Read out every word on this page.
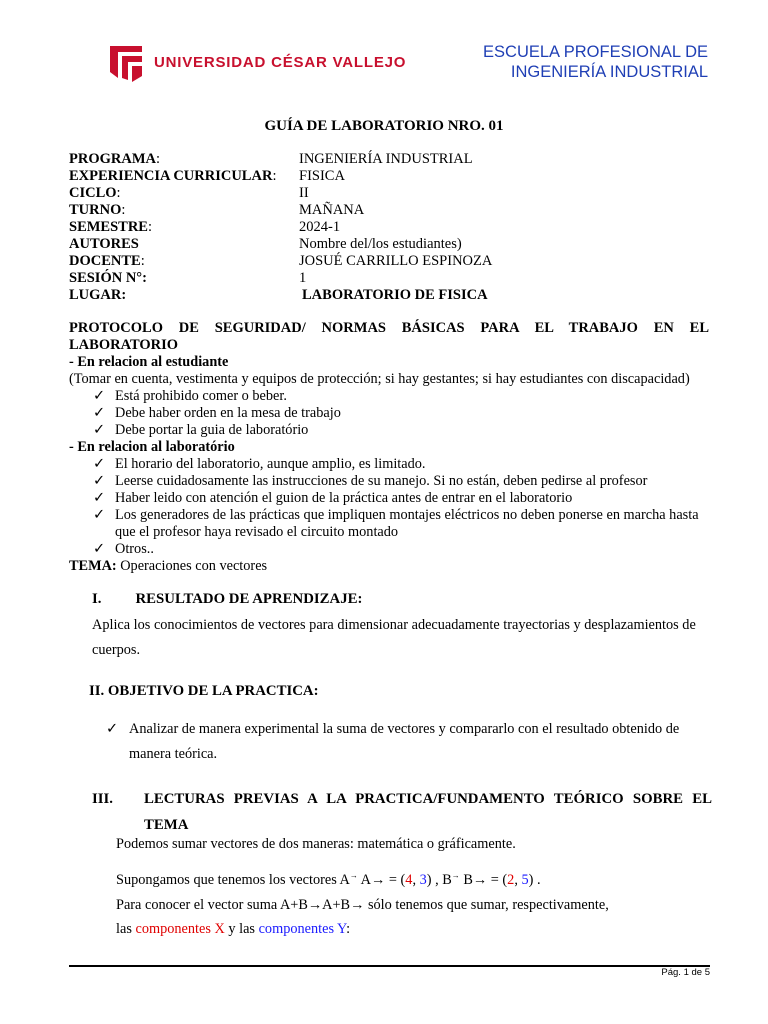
UNIVERSIDAD CÉSAR VALLEJO
ESCUELA PROFESIONAL DE
INGENIERÍA INDUSTRIAL
GUÍA DE LABORATORIO NRO. 01
PROGRAMA:	INGENIERÍA INDUSTRIAL
EXPERIENCIA CURRICULAR:	FISICA
CICLO:	II
TURNO:	MAÑANA
SEMESTRE:	2024-1
AUTORES	Nombre del/los estudiantes)
DOCENTE:	JOSUÉ CARRILLO ESPINOZA
SESIÓN N°:	1
LUGAR:	LABORATORIO DE FISICA
PROTOCOLO DE SEGURIDAD/ NORMAS BÁSICAS PARA EL TRABAJO EN EL LABORATORIO
- En relacion al estudiante
(Tomar en cuenta, vestimenta y equipos de protección; si hay gestantes; si hay estudiantes con discapacidad)
✓ Está prohibido comer o beber.
✓ Debe haber orden en la mesa de trabajo
✓ Debe portar la guia de laboratório
- En relacion al laboratório
✓ El horario del laboratorio, aunque amplio, es limitado.
✓ Leerse cuidadosamente las instrucciones de su manejo. Si no están, deben pedirse al profesor
✓ Haber leido con atención el guion de la práctica antes de entrar en el laboratorio
✓ Los generadores de las prácticas que impliquen montajes eléctricos no deben ponerse en marcha hasta que el profesor haya revisado el circuito montado
✓ Otros..
TEMA: Operaciones con vectores
I. RESULTADO DE APRENDIZAJE:
Aplica los conocimientos de vectores para dimensionar adecuadamente trayectorias y desplazamientos de cuerpos.
II. OBJETIVO DE LA PRACTICA:
✓ Analizar de manera experimental la suma de vectores y compararlo con el resultado obtenido de manera teórica.
III.	LECTURAS PREVIAS A LA PRACTICA/FUNDAMENTO TEÓRICO SOBRE EL TEMA
Podemos sumar vectores de dos maneras: matemática o gráficamente.
Supongamos que tenemos los vectores A→ A→ = (4, 3) , B→ B→ = (2, 5) .
Para conocer el vector suma A+B→A+B→ sólo tenemos que sumar, respectivamente,
las componentes X y las componentes Y:
Pág. 1 de 5
